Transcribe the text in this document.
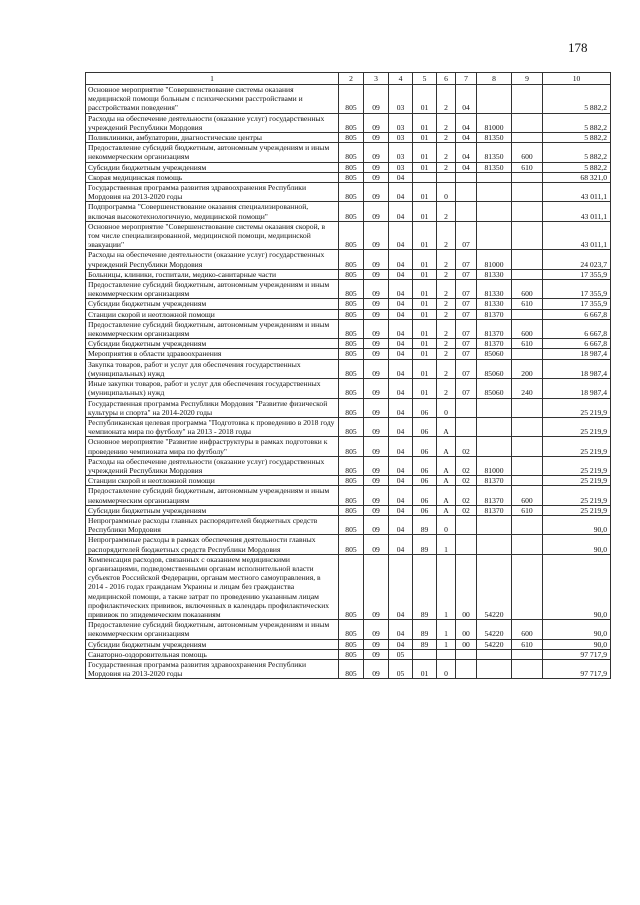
178
1	2	3	4	5	6	7	8	9	10
Основное мероприятие "Совершенствование системы оказания медицинской помощи больным с психическими расстройствами и расстройствами поведения"	805	09	03	01	2	04			5 882,2
Расходы на обеспечение деятельности (оказание услуг) государственных учреждений Республики Мордовия	805	09	03	01	2	04	81000		5 882,2
Поликлиники, амбулатории, диагностические центры	805	09	03	01	2	04	81350		5 882,2
Предоставление субсидий бюджетным, автономным учреждениям и иным некоммерческим организациям	805	09	03	01	2	04	81350	600	5 882,2
Субсидии бюджетным учреждениям	805	09	03	01	2	04	81350	610	5 882,2
Скорая медицинская помощь	805	09	04						68 321,0
Государственная программа развития здравоохранения Республики Мордовия на 2013-2020 годы	805	09	04	01	0				43 011,1
Подпрограмма "Совершенствование оказания специализированной, включая высокотехнологичную, медицинской помощи"	805	09	04	01	2				43 011,1
Основное мероприятие "Совершенствование системы оказания скорой, в том числе специализированной, медицинской помощи, медицинской эвакуации"	805	09	04	01	2	07			43 011,1
Расходы на обеспечение деятельности (оказание услуг) государственных учреждений Республики Мордовия	805	09	04	01	2	07	81000		24 023,7
Больницы, клиники, госпитали, медико-санитарные части	805	09	04	01	2	07	81330		17 355,9
Предоставление субсидий бюджетным, автономным учреждениям и иным некоммерческим организациям	805	09	04	01	2	07	81330	600	17 355,9
Субсидии бюджетным учреждениям	805	09	04	01	2	07	81330	610	17 355,9
Станции скорой и неотложной помощи	805	09	04	01	2	07	81370		6 667,8
Предоставление субсидий бюджетным, автономным учреждениям и иным некоммерческим организациям	805	09	04	01	2	07	81370	600	6 667,8
Субсидии бюджетным учреждениям	805	09	04	01	2	07	81370	610	6 667,8
Мероприятия в области здравоохранения	805	09	04	01	2	07	85060		18 987,4
Закупка товаров, работ и услуг для обеспечения государственных (муниципальных) нужд	805	09	04	01	2	07	85060	200	18 987,4
Иные закупки товаров, работ и услуг для обеспечения государственных (муниципальных) нужд	805	09	04	01	2	07	85060	240	18 987,4
Государственная программа Республики Мордовия "Развитие физической культуры и спорта" на 2014-2020 годы	805	09	04	06	0				25 219,9
Республиканская целевая программа "Подготовка к проведению в 2018 году чемпионата мира по футболу" на 2013 - 2018 годы	805	09	04	06	А				25 219,9
Основное мероприятие "Развитие инфраструктуры в рамках подготовки к проведению чемпионата мира по футболу"	805	09	04	06	А	02			25 219,9
Расходы на обеспечение деятельности (оказание услуг) государственных учреждений Республики Мордовия	805	09	04	06	А	02	81000		25 219,9
Станции скорой и неотложной помощи	805	09	04	06	А	02	81370		25 219,9
Предоставление субсидий бюджетным, автономным учреждениям и иным некоммерческим организациям	805	09	04	06	А	02	81370	600	25 219,9
Субсидии бюджетным учреждениям	805	09	04	06	А	02	81370	610	25 219,9
Непрограммные расходы главных распорядителей бюджетных средств Республики Мордовия	805	09	04	89	0				90,0
Непрограммные расходы в рамках обеспечения деятельности главных распорядителей бюджетных средств Республики Мордовия	805	09	04	89	1				90,0
Компенсация расходов, связанных с оказанием медицинскими организациями, подведомственными органам исполнительной власти субъектов Российской Федерации, органам местного самоуправления, в 2014 - 2016 годах гражданам Украины и лицам без гражданства медицинской помощи, а также затрат по проведению указанным лицам профилактических прививок, включенных в календарь профилактических прививок по эпидемическим показаниям	805	09	04	89	1	00	54220		90,0
Предоставление субсидий бюджетным, автономным учреждениям и иным некоммерческим организациям	805	09	04	89	1	00	54220	600	90,0
Субсидии бюджетным учреждениям	805	09	04	89	1	00	54220	610	90,0
Санаторно-оздоровительная помощь	805	09	05						97 717,9
Государственная программа развития здравоохранения Республики Мордовия на 2013-2020 годы	805	09	05	01	0				97 717,9
